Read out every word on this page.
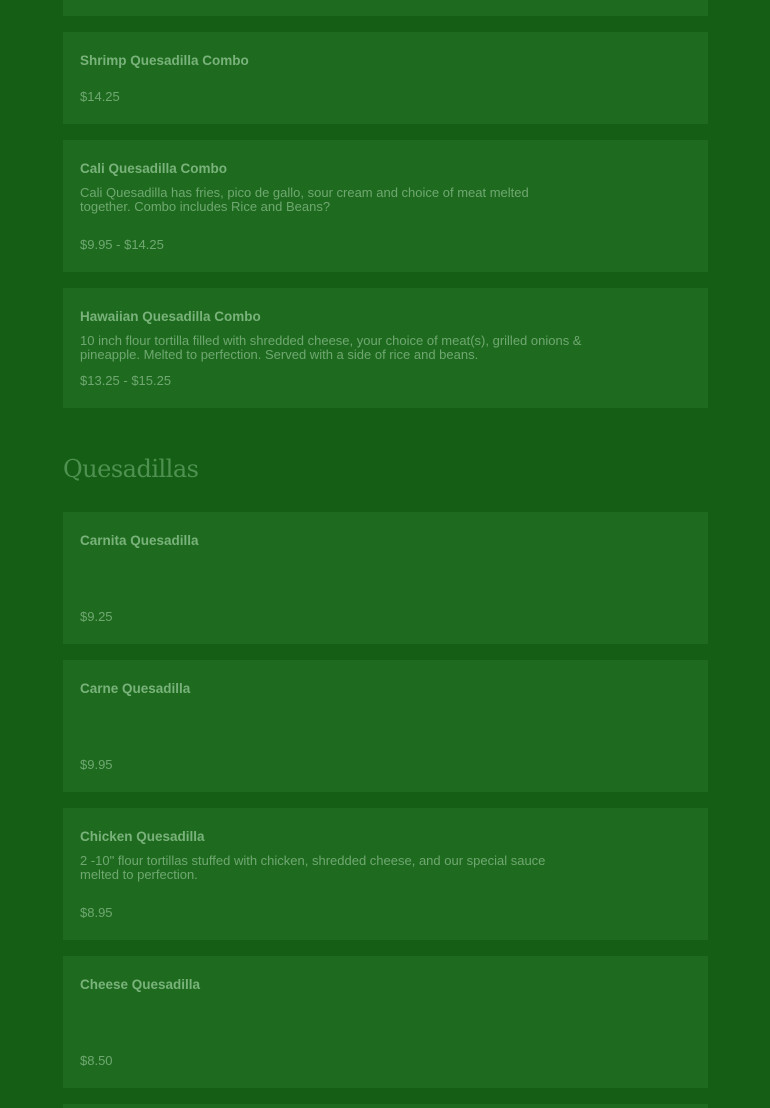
Shrimp Quesadilla Combo
$14.25
Cali Quesadilla Combo
Cali Quesadilla has fries, pico de gallo, sour cream and choice of meat melted together. Combo includes Rice and Beans?
$9.95 - $14.25
Hawaiian Quesadilla Combo
10 inch flour tortilla filled with shredded cheese, your choice of meat(s), grilled onions & pineapple. Melted to perfection. Served with a side of rice and beans.
$13.25 - $15.25
Quesadillas
Carnita Quesadilla
$9.25
Carne Quesadilla
$9.95
Chicken Quesadilla
2 -10" flour tortillas stuffed with chicken, shredded cheese, and our special sauce melted to perfection.
$8.95
Cheese Quesadilla
$8.50
